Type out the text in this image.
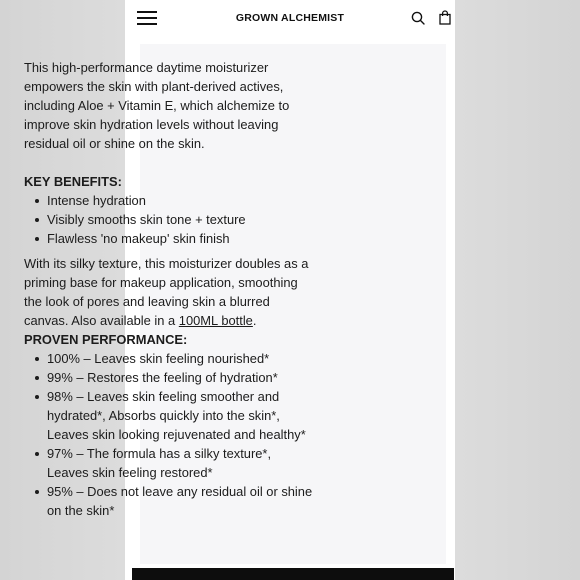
GROWN ALCHEMIST

This high-performance daytime moisturizer empowers the skin with plant-derived actives, including Aloe + Vitamin E, which alchemize to improve skin hydration levels without leaving residual oil or shine on the skin.

KEY BENEFITS:

Intense hydration
Visibly smooths skin tone + texture
Flawless 'no makeup' skin finish

With its silky texture, this moisturizer doubles as a priming base for makeup application, smoothing the look of pores and leaving skin a blurred canvas. Also available in a 100ML bottle.

PROVEN PERFORMANCE:

100% – Leaves skin feeling nourished*
99% – Restores the feeling of hydration*
98% – Leaves skin feeling smoother and hydrated*, Absorbs quickly into the skin*, Leaves skin looking rejuvenated and healthy*
97% – The formula has a silky texture*, Leaves skin feeling restored*
95% – Does not leave any residual oil or shine on the skin*
